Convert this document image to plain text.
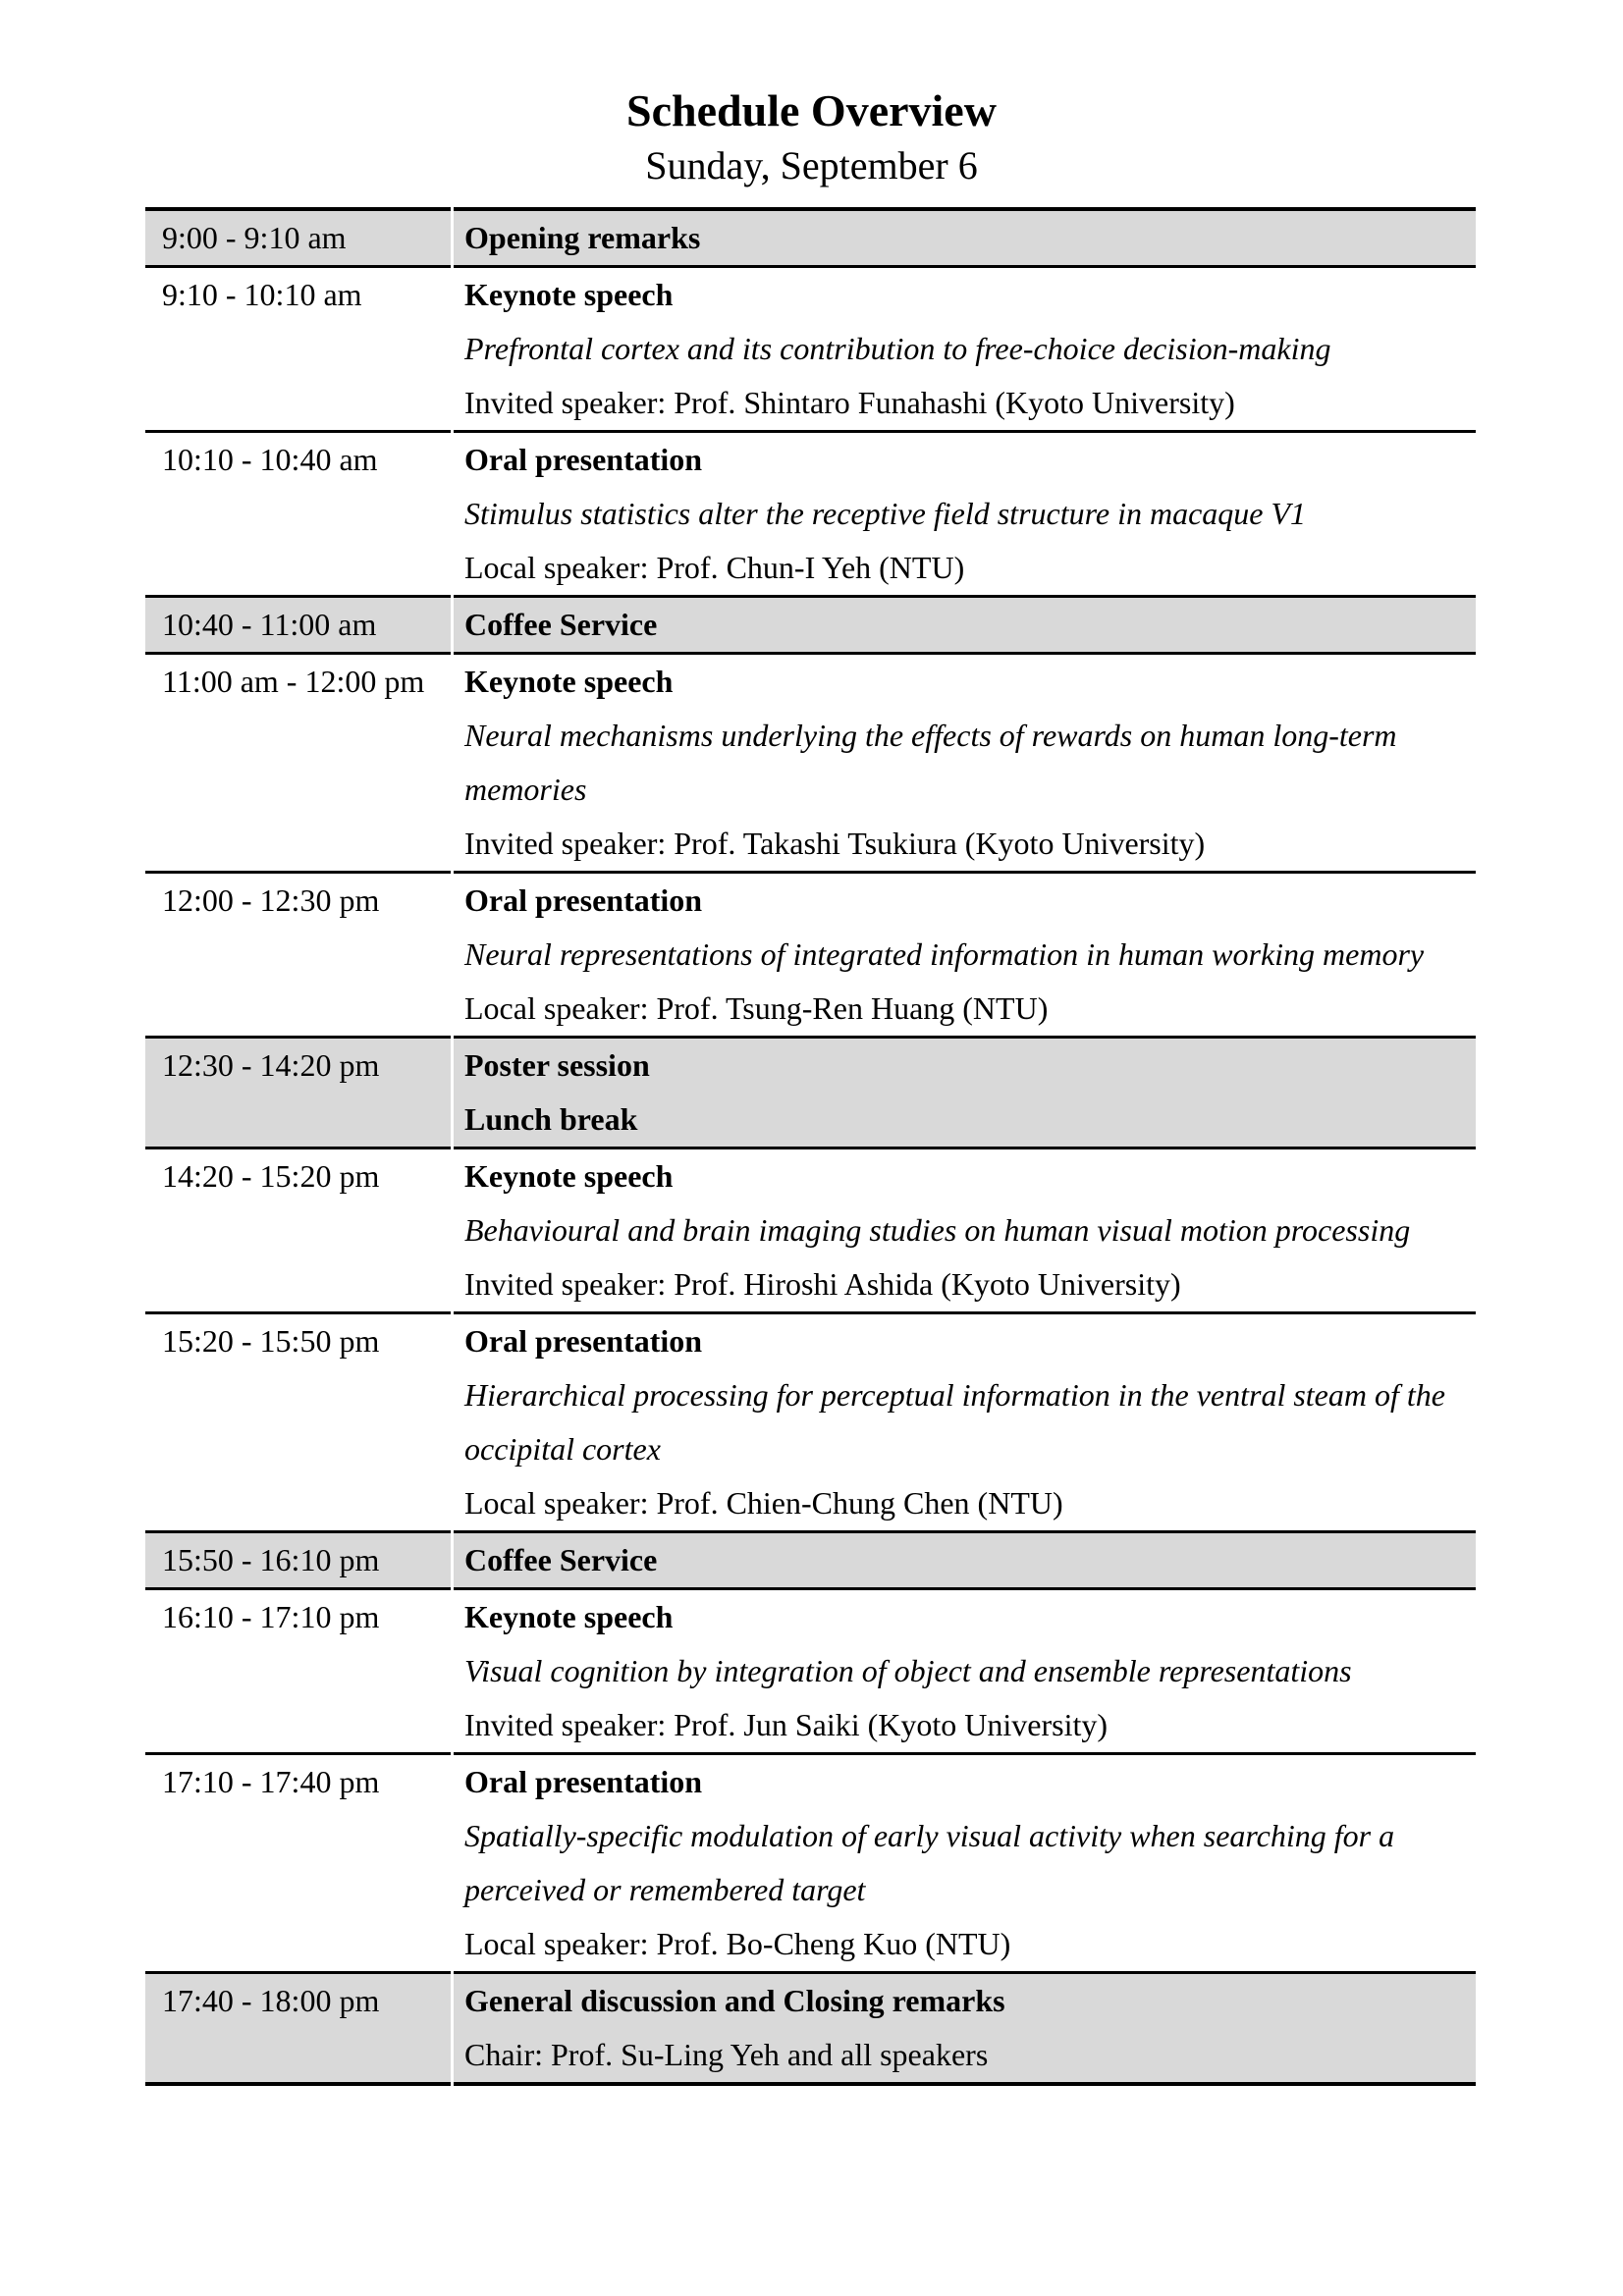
Schedule Overview
Sunday, September 6
9:00 - 9:10 am	Opening remarks
9:10 - 10:10 am	Keynote speech
Prefrontal cortex and its contribution to free-choice decision-making
Invited speaker: Prof. Shintaro Funahashi (Kyoto University)
10:10 - 10:40 am	Oral presentation
Stimulus statistics alter the receptive field structure in macaque V1
Local speaker: Prof. Chun-I Yeh (NTU)
10:40 - 11:00 am	Coffee Service
11:00 am - 12:00 pm	Keynote speech
Neural mechanisms underlying the effects of rewards on human long-term
memories
Invited speaker: Prof. Takashi Tsukiura (Kyoto University)
12:00 - 12:30 pm	Oral presentation
Neural representations of integrated information in human working memory
Local speaker: Prof. Tsung-Ren Huang (NTU)
12:30 - 14:20 pm	Poster session
Lunch break
14:20 - 15:20 pm	Keynote speech
Behavioural and brain imaging studies on human visual motion processing
Invited speaker: Prof. Hiroshi Ashida (Kyoto University)
15:20 - 15:50 pm	Oral presentation
Hierarchical processing for perceptual information in the ventral steam of the
occipital cortex
Local speaker: Prof. Chien-Chung Chen (NTU)
15:50 - 16:10 pm	Coffee Service
16:10 - 17:10 pm	Keynote speech
Visual cognition by integration of object and ensemble representations
Invited speaker: Prof. Jun Saiki (Kyoto University)
17:10 - 17:40 pm	Oral presentation
Spatially-specific modulation of early visual activity when searching for a
perceived or remembered target
Local speaker: Prof. Bo-Cheng Kuo (NTU)
17:40 - 18:00 pm	General discussion and Closing remarks
Chair: Prof. Su-Ling Yeh and all speakers
